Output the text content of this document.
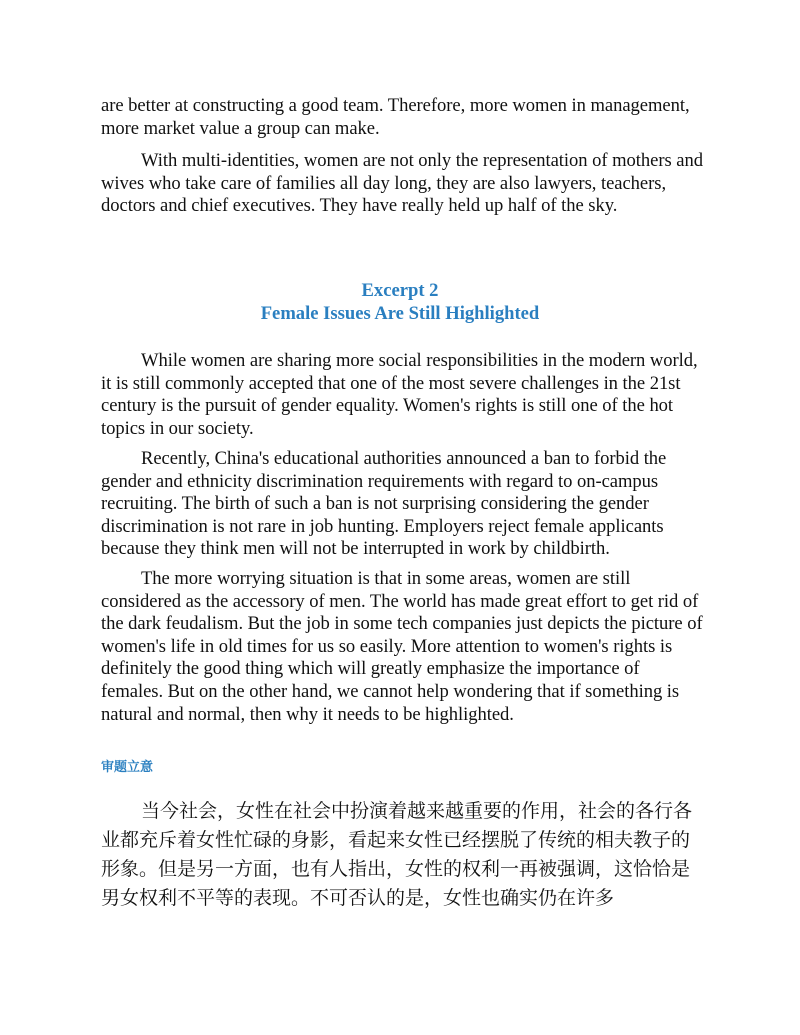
are better at constructing a good team. Therefore, more women in management, more market value a group can make.

With multi-identities, women are not only the representation of mothers and wives who take care of families all day long, they are also lawyers, teachers, doctors and chief executives. They have really held up half of the sky.

Excerpt 2

Female Issues Are Still Highlighted

While women are sharing more social responsibilities in the modern world, it is still commonly accepted that one of the most severe challenges in the 21st century is the pursuit of gender equality. Women's rights is still one of the hot topics in our society.

Recently, China's educational authorities announced a ban to forbid the gender and ethnicity discrimination requirements with regard to on-campus recruiting. The birth of such a ban is not surprising considering the gender discrimination is not rare in job hunting. Employers reject female applicants because they think men will not be interrupted in work by childbirth.

The more worrying situation is that in some areas, women are still considered as the accessory of men. The world has made great effort to get rid of the dark feudalism. But the job in some tech companies just depicts the picture of women's life in old times for us so easily. More attention to women's rights is definitely the good thing which will greatly emphasize the importance of females. But on the other hand, we cannot help wondering that if something is natural and normal, then why it needs to be highlighted.

审题立意

当今社会，女性在社会中扮演着越来越重要的作用，社会的各行各业都充斥着女性忙碌的身影，看起来女性已经摆脱了传统的相夫教子的形象。但是另一方面，也有人指出，女性的权利一再被强调，这恰恰是男女权利不平等的表现。不可否认的是，女性也确实仍在许多
